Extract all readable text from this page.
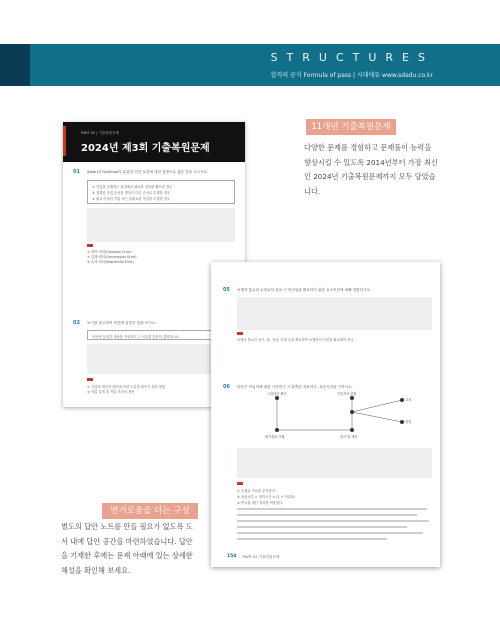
STRUCTURES
합격의 공식 Formula of pass | 시대에듀 www.sdedu.co.kr
PART 02 | 기출복원문제
2024년 제3회 기출복원문제
01 Swain과 Guttman이 분류한 인간 오류에 대한 설명으로 옳은 것을 고르시오.
① 작업을 수행하는 과정에서 필요한 절차를 빠뜨린 경우
② 정해진 작업 순서를 벗어나 다른 순서로 수행한 경우
③ 필요 이상의 작업 또는 불필요한 작업을 수행한 경우
① 생략 에러(Omission Error)
② 실행 에러(Commission Error)
③ 순서 에러(Sequential Error)
02 보기를 참고하여 빈칸에 알맞은 말을 쓰시오.
빈칸에 들어갈 내용을 작성하고 그 이유를 간단히 설명하시오.
① 작업자 개인의 판단에 의한 오류를 줄이기 위한 방법
② 작업 설계 및 작업 조건의 개선
11개년 기출복원문제
다양한 문제를 경험하고 문제풀이 능력을 향상시킬 수 있도록 2014년부터 가장 최신인 2024년 기출복원문제까지 모두 담았습니다.
05 보행자 통로의 수직교차 설치 시 안전성을 확보하기 위한 요구조건에 대해 설명하시오.
보행자 통로의 높이, 폭, 경사, 조명 등을 확보하여 보행자의 안전을 확보해야 한다.
06 다음은 작업자에 대한 시간연구 시 관측된 자료이다. 표준시간을 구하시오.
시험대상 확인	작업자의 관찰
교육
판정
평가결과 이행	평가 및 개선
① 수집된 자료를 분석한다.
② 표준시간 = 정미시간 × (1 + 여유율)
③ 여유율 계산 결과를 적용한다.
154 PART 02 기출복원문제
번거로움을 더는 구성
별도의 답안 노트를 만들 필요가 없도록 도서 내에 답안 공간을 마련하였습니다. 답안을 기재한 후에는 문제 아래에 있는 상세한 해설을 확인해 보세요.
